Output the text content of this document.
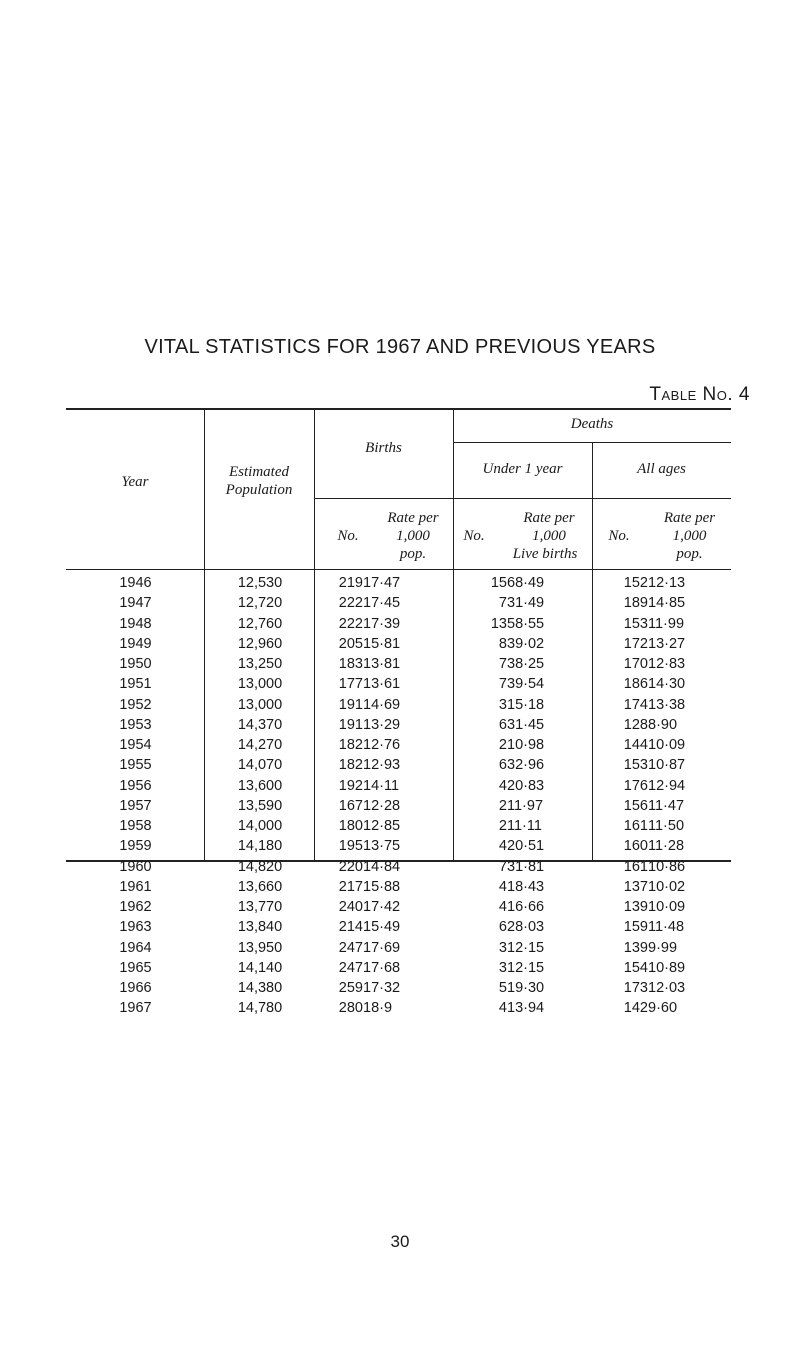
VITAL STATISTICS FOR 1967 AND PREVIOUS YEARS
Table No. 4
Year
Estimated
Population
Births
Deaths
Under 1 year	All ages
No.
Rate per
1,000
pop.
No.
Rate per
1,000
Live births
No.
Rate per
1,000
pop.
1946	12,530	219	17·47	15	68·49	152	12·13
1947	12,720	222	17·45	7	31·49	189	14·85
1948	12,760	222	17·39	13	58·55	153	11·99
1949	12,960	205	15·81	8	39·02	172	13·27
1950	13,250	183	13·81	7	38·25	170	12·83
1951	13,000	177	13·61	7	39·54	186	14·30
1952	13,000	191	14·69	3	15·18	174	13·38
1953	14,370	191	13·29	6	31·45	128	8·90
1954	14,270	182	12·76	2	10·98	144	10·09
1955	14,070	182	12·93	6	32·96	153	10·87
1956	13,600	192	14·11	4	20·83	176	12·94
1957	13,590	167	12·28	2	11·97	156	11·47
1958	14,000	180	12·85	2	11·11	161	11·50
1959	14,180	195	13·75	4	20·51	160	11·28
1960	14,820	220	14·84	7	31·81	161	10·86
1961	13,660	217	15·88	4	18·43	137	10·02
1962	13,770	240	17·42	4	16·66	139	10·09
1963	13,840	214	15·49	6	28·03	159	11·48
1964	13,950	247	17·69	3	12·15	139	9·99
1965	14,140	247	17·68	3	12·15	154	10·89
1966	14,380	259	17·32	5	19·30	173	12·03
1967	14,780	280	18·9	4	13·94	142	9·60
30
